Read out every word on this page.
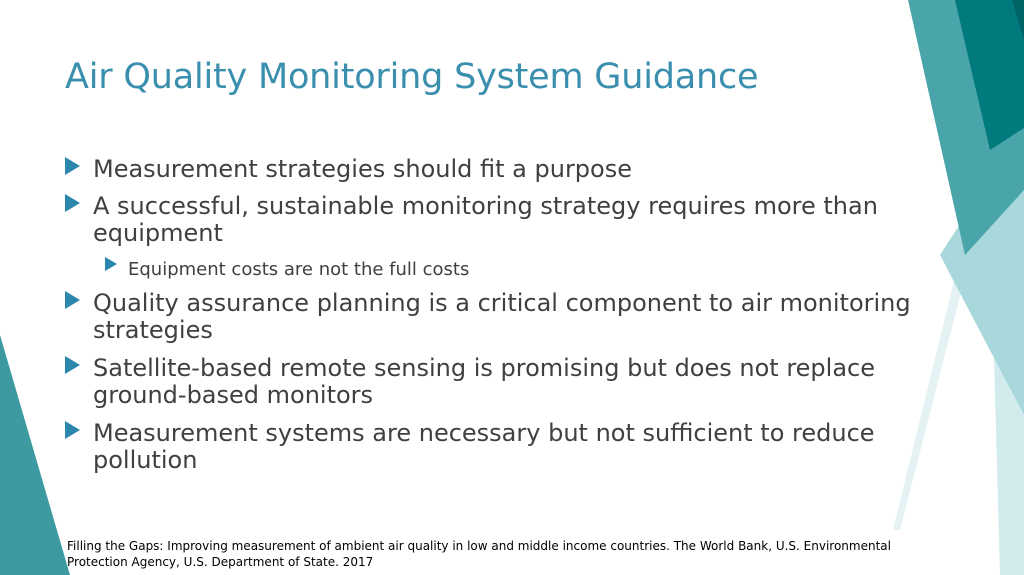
Air Quality Monitoring System Guidance
Measurement strategies should fit a purpose
A successful, sustainable monitoring strategy requires more than equipment
Equipment costs are not the full costs
Quality assurance planning is a critical component to air monitoring strategies
Satellite-based remote sensing is promising but does not replace ground-based monitors
Measurement systems are necessary but not sufficient to reduce pollution

Filling the Gaps: Improving measurement of ambient air quality in low and middle income countries. The World Bank, U.S. Environmental Protection Agency, U.S. Department of State. 2017
